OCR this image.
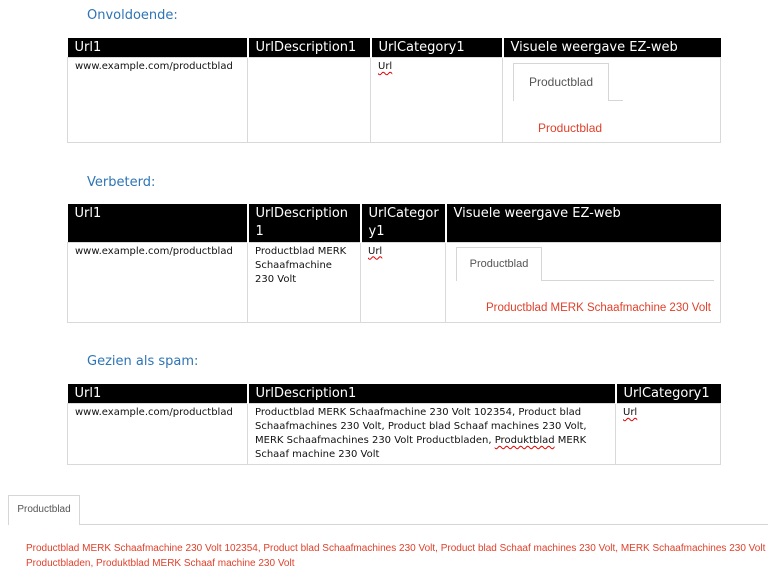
Onvoldoende:
Url1	UrlDescription1	UrlCategory1	Visuele weergave EZ-web
www.example.com/productblad		Url	Productblad
Productblad
Verbeterd:
Url1	UrlDescription 1	UrlCategor y1	Visuele weergave EZ-web
www.example.com/productblad	Productblad MERK Schaafmachine 230 Volt	Url	Productblad
Productblad MERK Schaafmachine 230 Volt
Gezien als spam:
Url1	UrlDescription1	UrlCategory1
www.example.com/productblad	Productblad MERK Schaafmachine 230 Volt 102354, Product blad Schaafmachines 230 Volt, Product blad Schaaf machines 230 Volt, MERK Schaafmachines 230 Volt Productbladen, Produktblad MERK Schaaf machine 230 Volt	Url
Productblad
Productblad MERK Schaafmachine 230 Volt 102354, Product blad Schaafmachines 230 Volt, Product blad Schaaf machines 230 Volt, MERK Schaafmachines 230 Volt Productbladen, Produktblad MERK Schaaf machine 230 Volt
